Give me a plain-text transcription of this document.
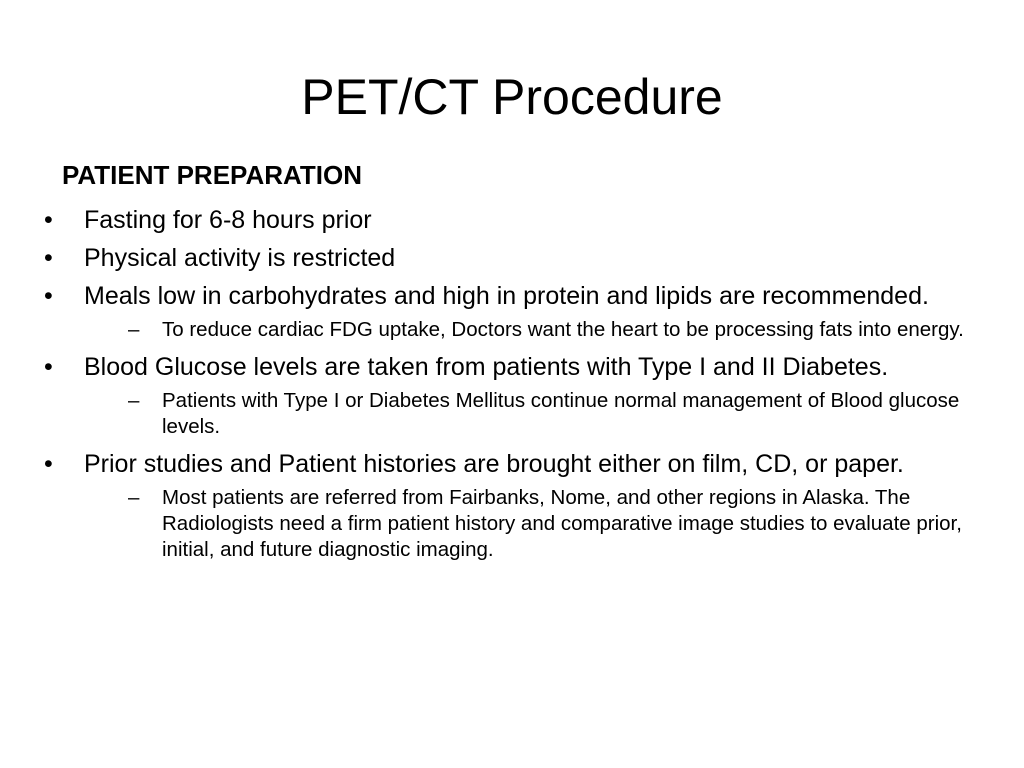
PET/CT Procedure
PATIENT PREPARATION
•	Fasting for 6-8 hours prior
•	Physical activity is restricted
•	Meals low in carbohydrates and high in protein and lipids are recommended.
– To reduce cardiac FDG uptake, Doctors want the heart to be processing fats into energy.
•	Blood Glucose levels are taken from patients with Type I and II Diabetes.
– Patients with Type I or Diabetes Mellitus continue normal management of Blood glucose levels.
•	Prior studies and Patient histories are brought either on film, CD, or paper.
– Most patients are referred from Fairbanks, Nome, and other regions in Alaska. The Radiologists need a firm patient history and comparative image studies to evaluate prior, initial, and future diagnostic imaging.
